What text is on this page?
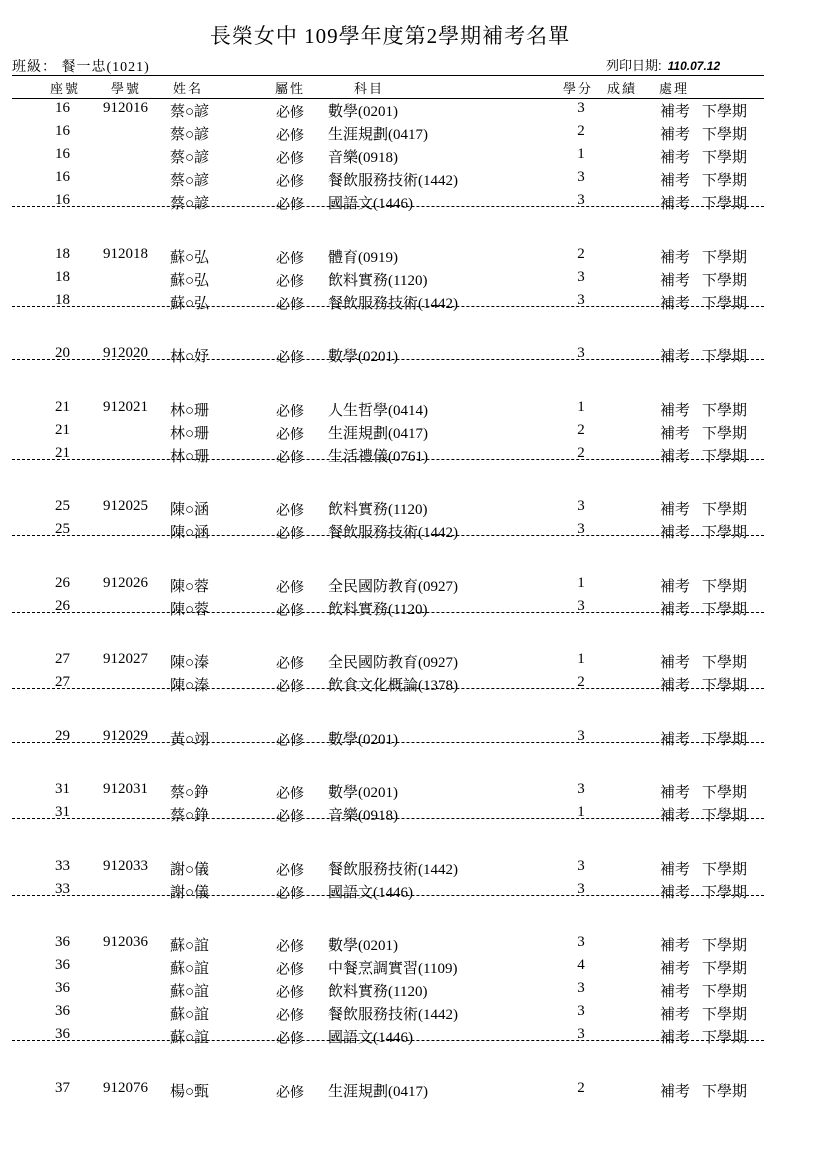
長榮女中 109學年度第2學期補考名單
班級： 餐一忠(1021)	列印日期: 110.07.12
座號 學號 姓名	屬性	科目	學分 成績 處理
16	912016 蔡○諺	必修 數學(0201)	3	補考 下學期
16	蔡○諺	必修 生涯規劃(0417)	2	補考 下學期
16	蔡○諺	必修 音樂(0918)	1	補考 下學期
16	蔡○諺	必修 餐飲服務技術(1442)	3	補考 下學期
16	蔡○諺	必修 國語文(1446)	3	補考 下學期
18	912018 蘇○弘	必修 體育(0919)	2	補考 下學期
18	蘇○弘	必修 飲料實務(1120)	3	補考 下學期
18	蘇○弘	必修 餐飲服務技術(1442)	3	補考 下學期
20	912020 林○妤	必修 數學(0201)	3	補考 下學期
21	912021 林○珊	必修 人生哲學(0414)	1	補考 下學期
21	林○珊	必修 生涯規劃(0417)	2	補考 下學期
21	林○珊	必修 生活禮儀(0761)	2	補考 下學期
25	912025 陳○涵	必修 飲料實務(1120)	3	補考 下學期
25	陳○涵	必修 餐飲服務技術(1442)	3	補考 下學期
26	912026 陳○蓉	必修 全民國防教育(0927)	1	補考 下學期
26	陳○蓉	必修 飲料實務(1120)	3	補考 下學期
27	912027 陳○溱	必修 全民國防教育(0927)	1	補考 下學期
27	陳○溱	必修 飲食文化概論(1378)	2	補考 下學期
29	912029 黃○翊	必修 數學(0201)	3	補考 下學期
31	912031 蔡○錚	必修 數學(0201)	3	補考 下學期
31	蔡○錚	必修 音樂(0918)	1	補考 下學期
33	912033 謝○儀	必修 餐飲服務技術(1442)	3	補考 下學期
33	謝○儀	必修 國語文(1446)	3	補考 下學期
36	912036 蘇○誼	必修 數學(0201)	3	補考 下學期
36	蘇○誼	必修 中餐烹調實習(1109)	4	補考 下學期
36	蘇○誼	必修 飲料實務(1120)	3	補考 下學期
36	蘇○誼	必修 餐飲服務技術(1442)	3	補考 下學期
36	蘇○誼	必修 國語文(1446)	3	補考 下學期
37	912076 楊○甄	必修 生涯規劃(0417)	2	補考 下學期
